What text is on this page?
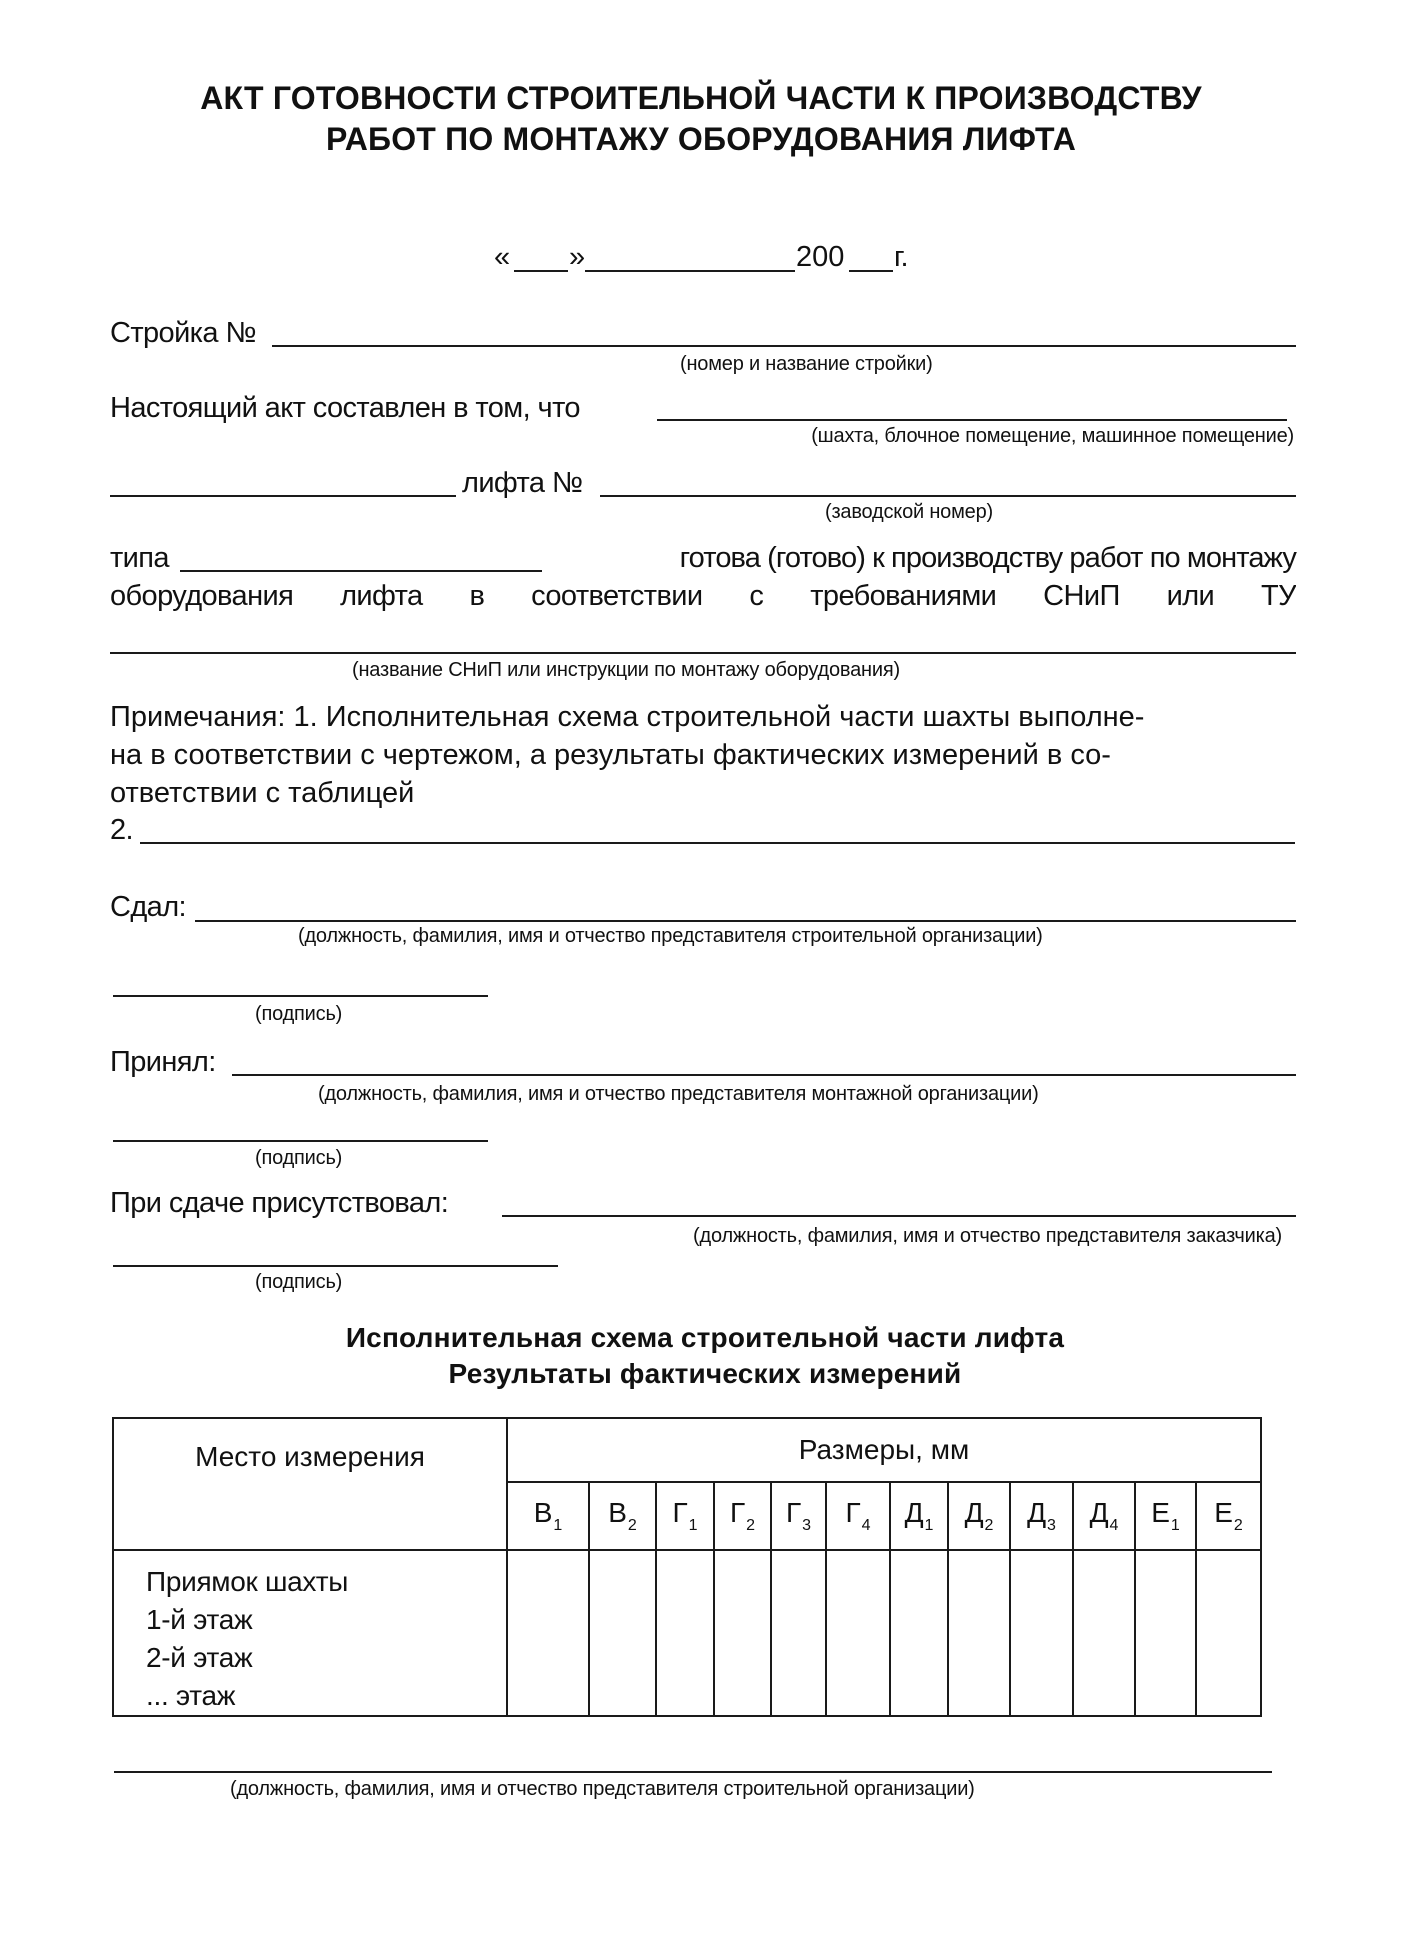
АКТ ГОТОВНОСТИ СТРОИТЕЛЬНОЙ ЧАСТИ К ПРОИЗВОДСТВУ
РАБОТ ПО МОНТАЖУ ОБОРУДОВАНИЯ ЛИФТА
« »	200 г.
Стройка №
(номер и название стройки)
Настоящий акт составлен в том, что
(шахта, блочное помещение, машинное помещение)
лифта №
(заводской номер)
типа	готова (готово) к производству работ по монтажу
оборудования лифта в соответствии с требованиями СНиП или ТУ
(название СНиП или инструкции по монтажу оборудования)
Примечания: 1. Исполнительная схема строительной части шахты выполне-
на в соответствии с чертежом, а результаты фактических измерений в со-
ответствии с таблицей
2.
Сдал:
(должность, фамилия, имя и отчество представителя строительной организации)
(подпись)
Принял:
(должность, фамилия, имя и отчество представителя монтажной организации)
(подпись)
При сдаче присутствовал:
(должность, фамилия, имя и отчество представителя заказчика)
(подпись)
Исполнительная схема строительной части лифта
Результаты фактических измерений
Место измерения	Размеры, мм											
	$В_1$	$В_2$	$Г_1$	$Г_2$	$Г_3$	$Г_4$	$Д_1$	$Д_2$	$Д_3$	$Д_4$	$Е_1$	$Е_2$

Приямок шахты
1-й этаж
2-й этаж
... этаж												

(должность, фамилия, имя и отчество представителя строительной организации)
